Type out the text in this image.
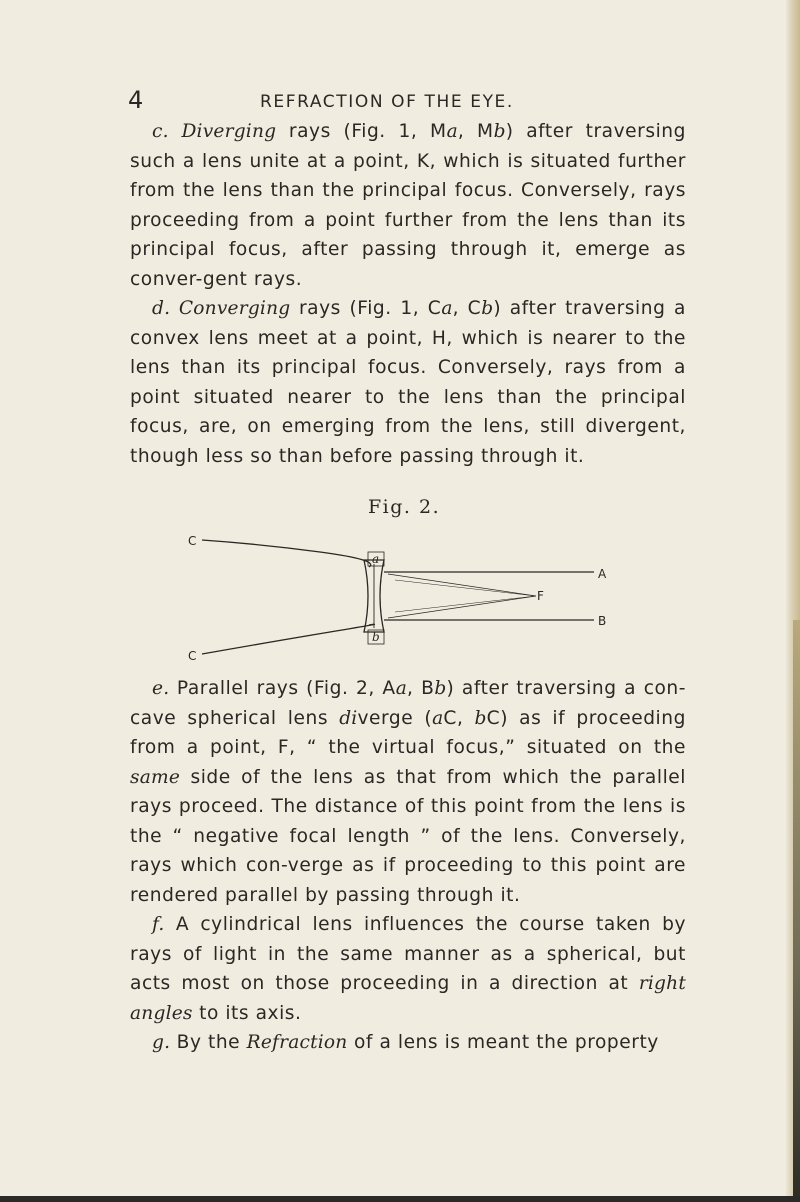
4	REFRACTION OF THE EYE.

c. Diverging rays (Fig. 1, Ma, Mb) after traversing such a lens unite at a point, K, which is situated further from the lens than the principal focus. Conversely, rays proceeding from a point further from the lens than its principal focus, after passing through it, emerge as conver-gent rays.

d. Converging rays (Fig. 1, Ca, Cb) after traversing a convex lens meet at a point, H, which is nearer to the lens than its principal focus. Conversely, rays from a point situated nearer to the lens than the principal focus, are, on emerging from the lens, still divergent, though less so than before passing through it.

Fig. 2.
C
C
a
b
A
B
F

e. Parallel rays (Fig. 2, Aa, Bb) after traversing a con-cave spherical lens diverge (aC, bC) as if proceeding from a point, F, “ the virtual focus,” situated on the same side of the lens as that from which the parallel rays proceed. The distance of this point from the lens is the “ negative focal length ” of the lens. Conversely, rays which con-verge as if proceeding to this point are rendered parallel by passing through it.

f. A cylindrical lens influences the course taken by rays of light in the same manner as a spherical, but acts most on those proceeding in a direction at right angles to its axis.

g. By the Refraction of a lens is meant the property
